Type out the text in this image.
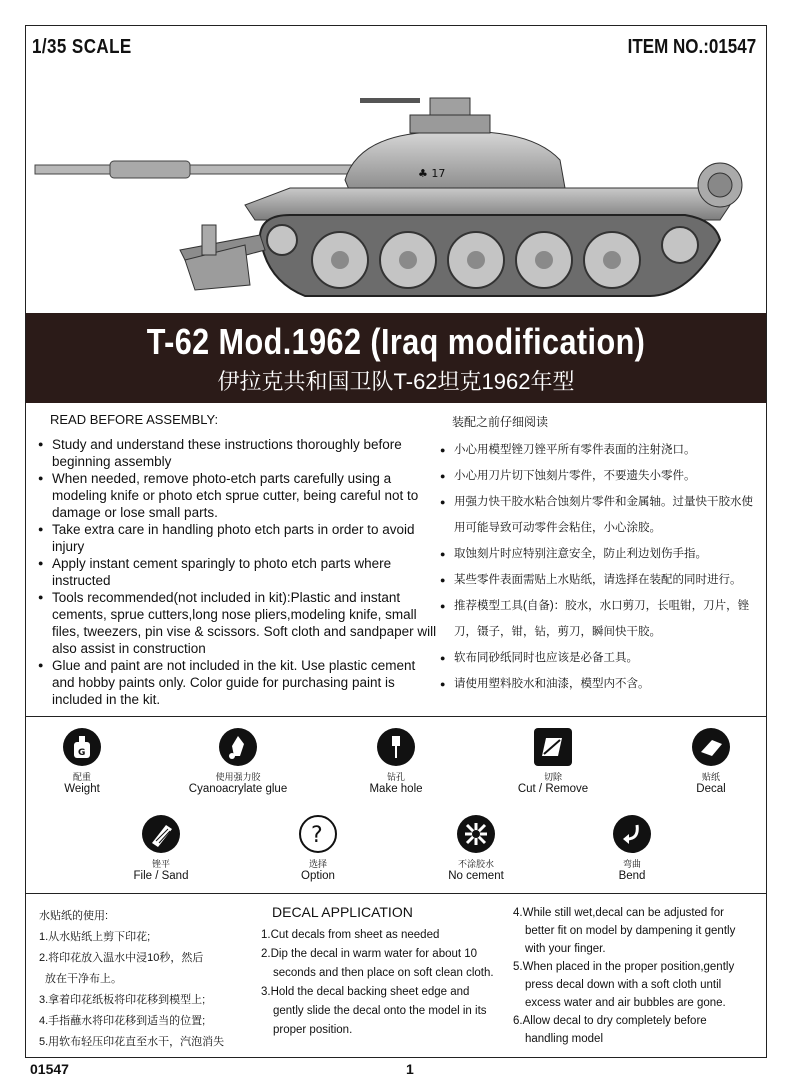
1/35 SCALE	ITEM NO.:01547
♣ 17
T-62 Mod.1962 (Iraq modification)
伊拉克共和国卫队T-62坦克1962年型
READ BEFORE ASSEMBLY:
● Study and understand these instructions thoroughly before beginning assembly
● When needed, remove photo-etch parts carefully using a modeling knife or photo etch sprue cutter, being careful not to damage or lose small parts.
● Take extra care in handling photo etch parts in order to avoid injury
● Apply instant cement sparingly to photo etch parts where instructed
● Tools recommended(not included in kit):Plastic and instant cements, sprue cutters,long nose pliers,modeling knife, small files, tweezers, pin vise & scissors. Soft cloth and sandpaper will also assist in construction
● Glue and paint are not included in the kit. Use plastic cement and hobby paints only. Color guide for purchasing paint is included in the kit.
装配之前仔细阅读
● 小心用模型锉刀锉平所有零件表面的注射浇口。
● 小心用刀片切下蚀刻片零件，不要遗失小零件。
● 用强力快干胶水粘合蚀刻片零件和金属轴。过量快干胶水使用可能导致可动零件会粘住，小心涂胶。
● 取蚀刻片时应特别注意安全，防止利边划伤手指。
● 某些零件表面需贴上水贴纸，请选择在装配的同时进行。
● 推荐模型工具(自备)：胶水，水口剪刀，长咀钳，刀片，锉刀，镊子，钳，钻，剪刀，瞬间快干胶。
● 软布同砂纸同时也应该是必备工具。
● 请使用塑料胶水和油漆，模型内不含。
G
配重
Weight
使用强力胶
Cyanoacrylate glue
钻孔
Make hole
切除
Cut / Remove
贴纸
Decal
锉平
File / Sand
?
选择
Option
不涂胶水
No cement
弯曲
Bend
水贴纸的使用:
1.从水贴纸上剪下印花;
2.将印花放入温水中浸10秒，然后
放在干净布上。
3.拿着印花纸板将印花移到模型上;
4.手指蘸水将印花移到适当的位置;
5.用软布轻压印花直至水干，汽泡消失
DECAL APPLICATION
1.Cut decals from sheet as needed
2.Dip the decal in warm water for about 10
seconds and then place on soft clean cloth.
3.Hold the decal backing sheet edge and
gently slide the decal onto the model in its
proper position.
4.While still wet,decal can be adjusted for
better fit on model by dampening it gently
with your finger.
5.When placed in the proper position,gently
press decal down with a soft cloth until
excess water and air bubbles are gone.
6.Allow decal to dry completely before
handling model
01547	1
